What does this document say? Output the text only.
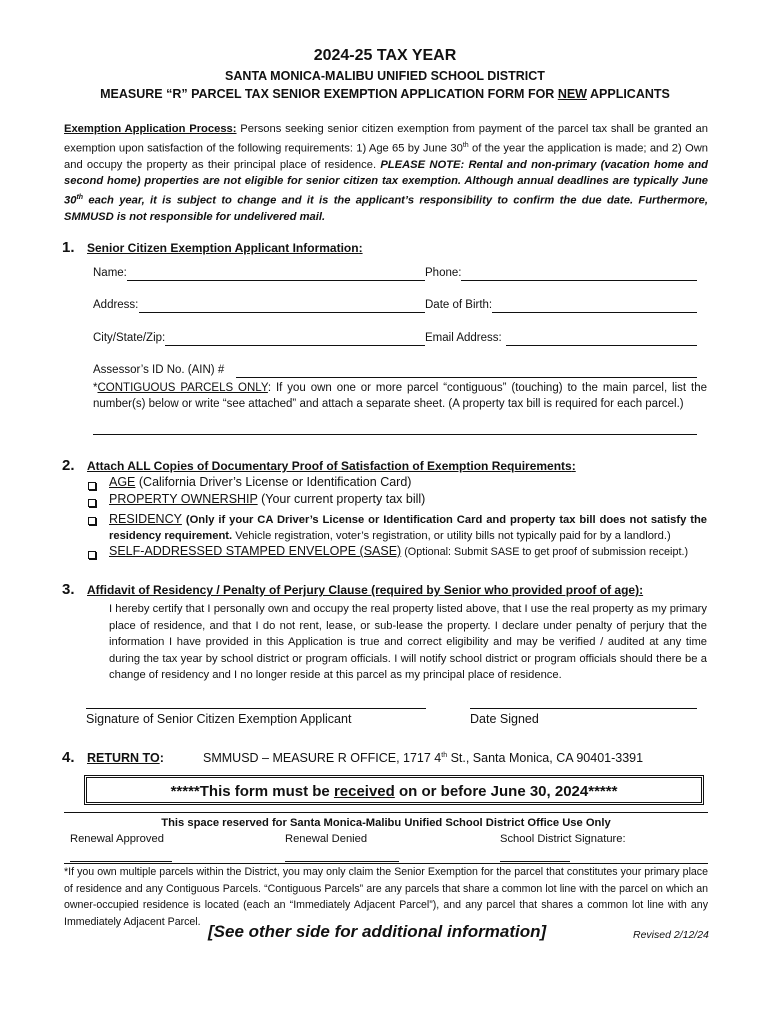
2024-25 TAX YEAR
SANTA MONICA-MALIBU UNIFIED SCHOOL DISTRICT
MEASURE “R” PARCEL TAX SENIOR EXEMPTION APPLICATION FORM FOR NEW APPLICANTS
Exemption Application Process: Persons seeking senior citizen exemption from payment of the parcel tax shall be granted an exemption upon satisfaction of the following requirements: 1) Age 65 by June 30th of the year the application is made; and 2) Own and occupy the property as their principal place of residence. PLEASE NOTE: Rental and non-primary (vacation home and second home) properties are not eligible for senior citizen tax exemption. Although annual deadlines are typically June 30th each year, it is subject to change and it is the applicant’s responsibility to confirm the due date. Furthermore, SMMUSD is not responsible for undelivered mail.
1. Senior Citizen Exemption Applicant Information:
Name:	Phone:
Address:	Date of Birth:
City/State/Zip:	Email Address:
Assessor’s ID No. (AIN) #
*CONTIGUOUS PARCELS ONLY: If you own one or more parcel “contiguous” (touching) to the main parcel, list the number(s) below or write “see attached” and attach a separate sheet. (A property tax bill is required for each parcel.)
2. Attach ALL Copies of Documentary Proof of Satisfaction of Exemption Requirements:
AGE (California Driver’s License or Identification Card)
PROPERTY OWNERSHIP (Your current property tax bill)
RESIDENCY (Only if your CA Driver’s License or Identification Card and property tax bill does not satisfy the residency requirement. Vehicle registration, voter’s registration, or utility bills not typically paid for by a landlord.)
SELF-ADDRESSED STAMPED ENVELOPE (SASE) (Optional: Submit SASE to get proof of submission receipt.)
3. Affidavit of Residency / Penalty of Perjury Clause (required by Senior who provided proof of age):
I hereby certify that I personally own and occupy the real property listed above, that I use the real property as my primary place of residence, and that I do not rent, lease, or sub-lease the property. I declare under penalty of perjury that the information I have provided in this Application is true and correct eligibility and may be verified / audited at any time during the tax year by school district or program officials. I will notify school district or program officials should there be a change of residency and I no longer reside at this parcel as my principal place of residence.
Signature of Senior Citizen Exemption Applicant	Date Signed
4. RETURN TO:	SMMUSD – MEASURE R OFFICE, 1717 4th St., Santa Monica, CA 90401-3391
*****This form must be received on or before June 30, 2024*****
This space reserved for Santa Monica-Malibu Unified School District Office Use Only
Renewal Approved	Renewal Denied	School District Signature:
*If you own multiple parcels within the District, you may only claim the Senior Exemption for the parcel that constitutes your primary place of residence and any Contiguous Parcels. “Contiguous Parcels” are any parcels that share a common lot line with the parcel on which an owner-occupied residence is located (each an “Immediately Adjacent Parcel”), and any parcel that shares a common lot line with any Immediately Adjacent Parcel.
[See other side for additional information]	Revised 2/12/24
